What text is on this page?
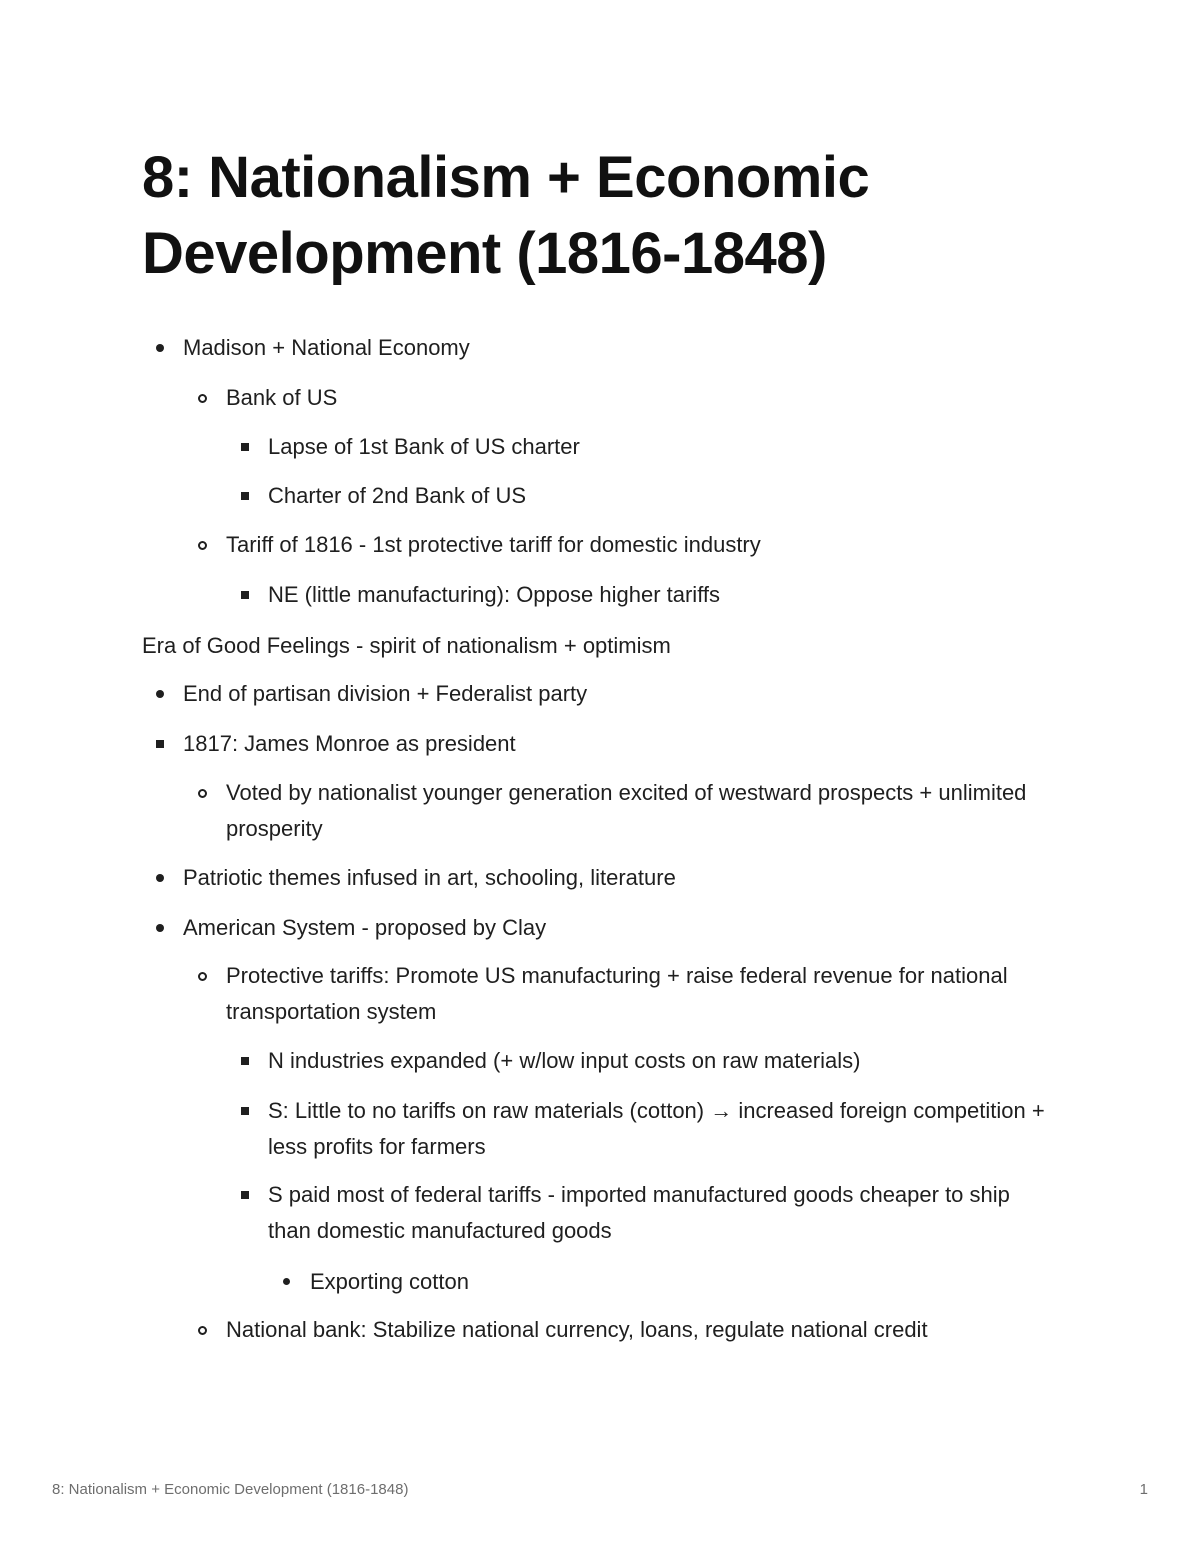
8: Nationalism + Economic Development (1816-1848)
Madison + National Economy
Bank of US
Lapse of 1st Bank of US charter
Charter of 2nd Bank of US
Tariff of 1816 - 1st protective tariff for domestic industry
NE (little manufacturing): Oppose higher tariffs
Era of Good Feelings - spirit of nationalism + optimism
End of partisan division + Federalist party
1817: James Monroe as president
Voted by nationalist younger generation excited of westward prospects + unlimited prosperity
Patriotic themes infused in art, schooling, literature
American System - proposed by Clay
Protective tariffs: Promote US manufacturing + raise federal revenue for national transportation system
N industries expanded (+ w/low input costs on raw materials)
S: Little to no tariffs on raw materials (cotton) → increased foreign competition + less profits for farmers
S paid most of federal tariffs - imported manufactured goods cheaper to ship than domestic manufactured goods
Exporting cotton
National bank: Stabilize national currency, loans, regulate national credit
8: Nationalism + Economic Development (1816-1848)	1
